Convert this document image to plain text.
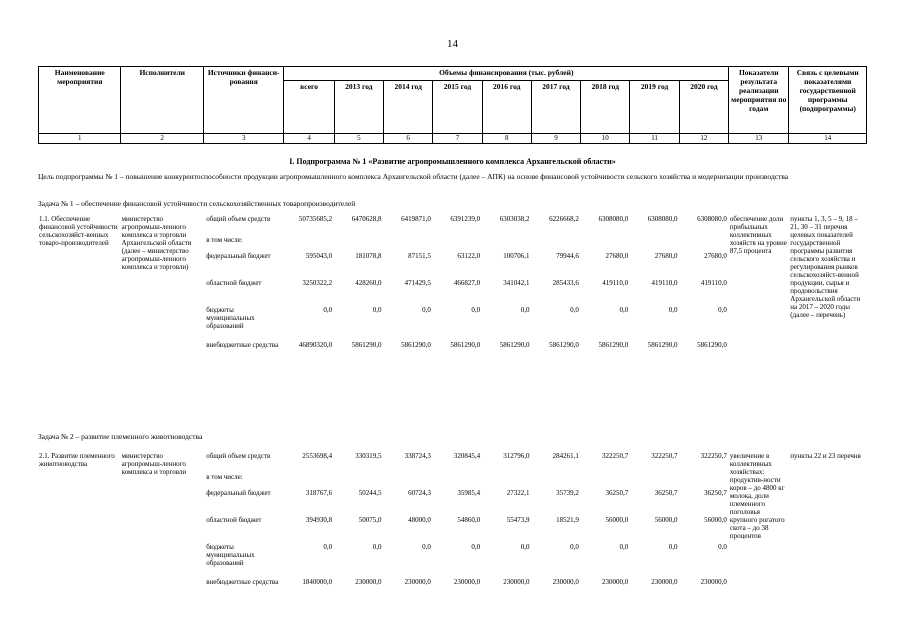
14
Наименование мероприятия	Исполнители	Источники финанси-рования	Объемы финансирования (тыс. рублей)									Показатели результата реализации мероприятия по годам	Связь с целевыми показателями государственной программы (подпрограммы)
			всего	2013 год	2014 год	2015 год	2016 год	2017 год	2018 год	2019 год	2020 год		
1	2	3	4	5	6	7	8	9	10	11	12	13	14
I. Подпрограмма № 1 «Развитие агропромышленного комплекса Архангельской области»
Цель подпрограммы № 1 – повышение конкурентоспособности продукции агропромышленного комплекса Архангельской области (далее – АПК) на основе финансовой устойчивости сельского хозяйства и модернизации производства
Задача № 1 – обеспечение финансовой устойчивости сельскохозяйственных товаропроизводителей
1.1. Обеспечение финансовой устойчивости сельскохозяйст-венных товаро-производителей	министерство агропромыш-ленного комплекса и торговли Архангельской области (далее – министерство агропромыш-ленного комплекса и торговли)	общий объем средств	50735685,2	6470628,8	6419871,0	6391239,0	6303038,2	6226668,2	6308080,0	6308080,0	6308080,0	обеспечение доли прибыльных коллективных хозяйств на уровне 87,5 процента	пункты 1, 3, 5 – 9, 18 – 21, 30 – 31 перечня целевых показателей государственной программы развития сельского хозяйства и регулирования рынков сельскохозяйст-венной продукции, сырья и продовольствия Архангельской области на 2017 – 2020 годы (далее – перечень)
		в том числе:											
		федеральный бюджет	595043,0	181078,8	87151,5	63122,0	100706,1	79944,6	27680,0	27680,0	27680,0		
		областной бюджет	3250322,2	428260,0	471429,5	466827,0	341042,1	285433,6	419110,0	419110,0	419110,0		
		бюджеты муниципальных образований	0,0	0,0	0,0	0,0	0,0	0,0	0,0	0,0	0,0		
		внебюджетные средства	46890320,0	5861290,0	5861290,0	5861290,0	5861290,0	5861290,0	5861290,0	5861290,0	5861290,0		
Задача № 2 – развитие племенного животноводства
2.1. Развитие племенного животноводства	министерство агропромыш-ленного комплекса и торговли	общий объем средств	2553698,4	330319,5	338724,3	320845,4	312796,0	284261,1	322250,7	322250,7	322250,7	увеличение в коллективных хозяйствах: продуктив-ности коров – до 4800 кг молока, доли племенного поголовья крупного рогатого скота – до 38 процентов	пункты 22 и 23 перечня
		в том числе:											
		федеральный бюджет	318767,6	50244,5	60724,3	35985,4	27322,1	35739,2	36250,7	36250,7	36250,7		
		областной бюджет	394930,8	50075,0	48000,0	54860,0	55473,9	18521,9	56000,0	56000,0	56000,0		
		бюджеты муниципальных образований	0,0	0,0	0,0	0,0	0,0	0,0	0,0	0,0	0,0		
		внебюджетные средства	1840000,0	230000,0	230000,0	230000,0	230000,0	230000,0	230000,0	230000,0	230000,0		
